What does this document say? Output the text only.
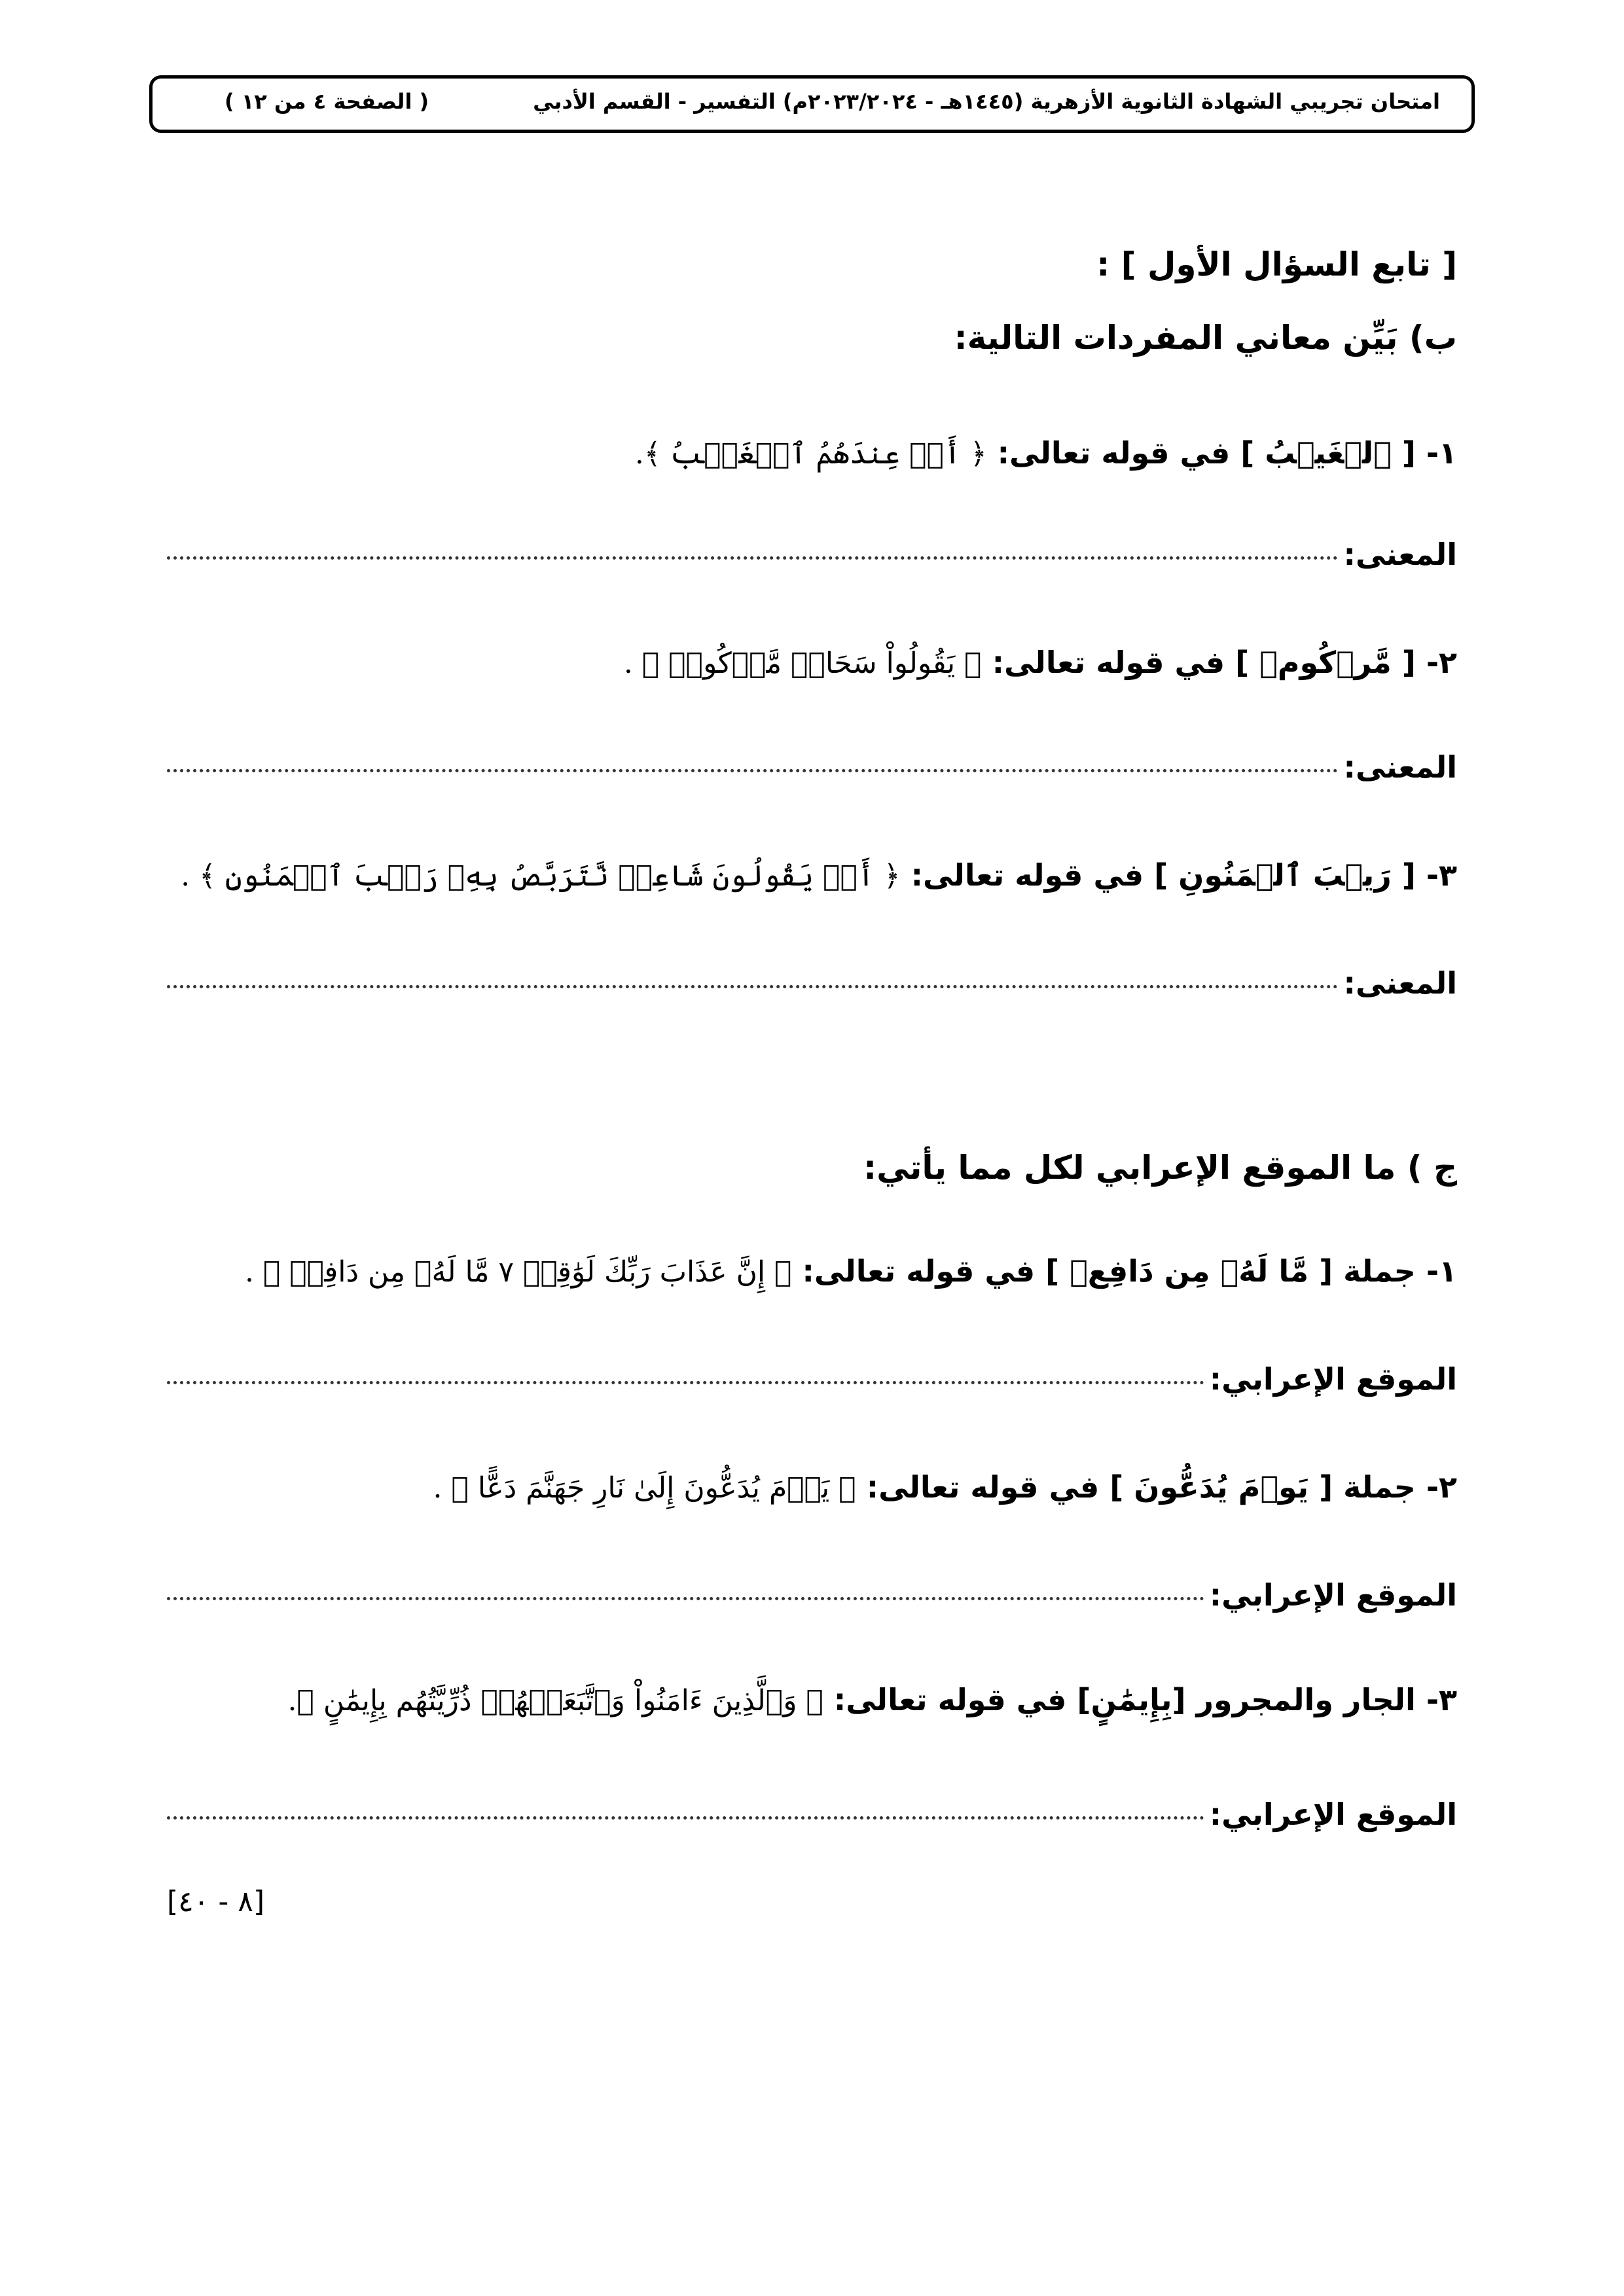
امتحان تجريبي الشهادة الثانوية الأزهرية (١٤٤٥هـ - ٢٠٢٣/٢٠٢٤م) التفسير - القسم الأدبي
( الصفحة ٤ من ١٢ )
[ تابع السؤال الأول ] :
ب) بَيِّن معاني المفردات التالية:
١- [ ٱلۡغَيۡبُ ] في قوله تعالى: ﴿ أَمۡ عِندَهُمُ ٱلۡغَيۡبُ ﴾.
المعنى:
٢- [ مَّرۡكُومٞ ] في قوله تعالى: ﴿ يَقُولُواْ سَحَابٞ مَّرۡكُومٞ ﴾ .
المعنى:
٣- [ رَيۡبَ ٱلۡمَنُونِ ] في قوله تعالى: ﴿ أَمۡ يَقُولُونَ شَاعِرٞ نَّتَرَبَّصُ بِهِۦ رَيۡبَ ٱلۡمَنُونِ ﴾ .
المعنى:
ج ) ما الموقع الإعرابي لكل مما يأتي:
١- جملة [ مَّا لَهُۥ مِن دَافِعٖ ] في قوله تعالى: ﴿ إِنَّ عَذَابَ رَبِّكَ لَوَٰقِعٞ ٧ مَّا لَهُۥ مِن دَافِعٖ ﴾ .
الموقع الإعرابي:
٢- جملة [ يَوۡمَ يُدَعُّونَ ] في قوله تعالى: ﴿ يَوۡمَ يُدَعُّونَ إِلَىٰ نَارِ جَهَنَّمَ دَعًّا ﴾ .
الموقع الإعرابي:
٣- الجار والمجرور [بِإِيمَٰنٍ] في قوله تعالى: ﴿ وَٱلَّذِينَ ءَامَنُواْ وَٱتَّبَعَتۡهُمۡ ذُرِّيَّتُهُم بِإِيمَٰنٍ ﴾.
الموقع الإعرابي:
[٨ - ٤٠]
